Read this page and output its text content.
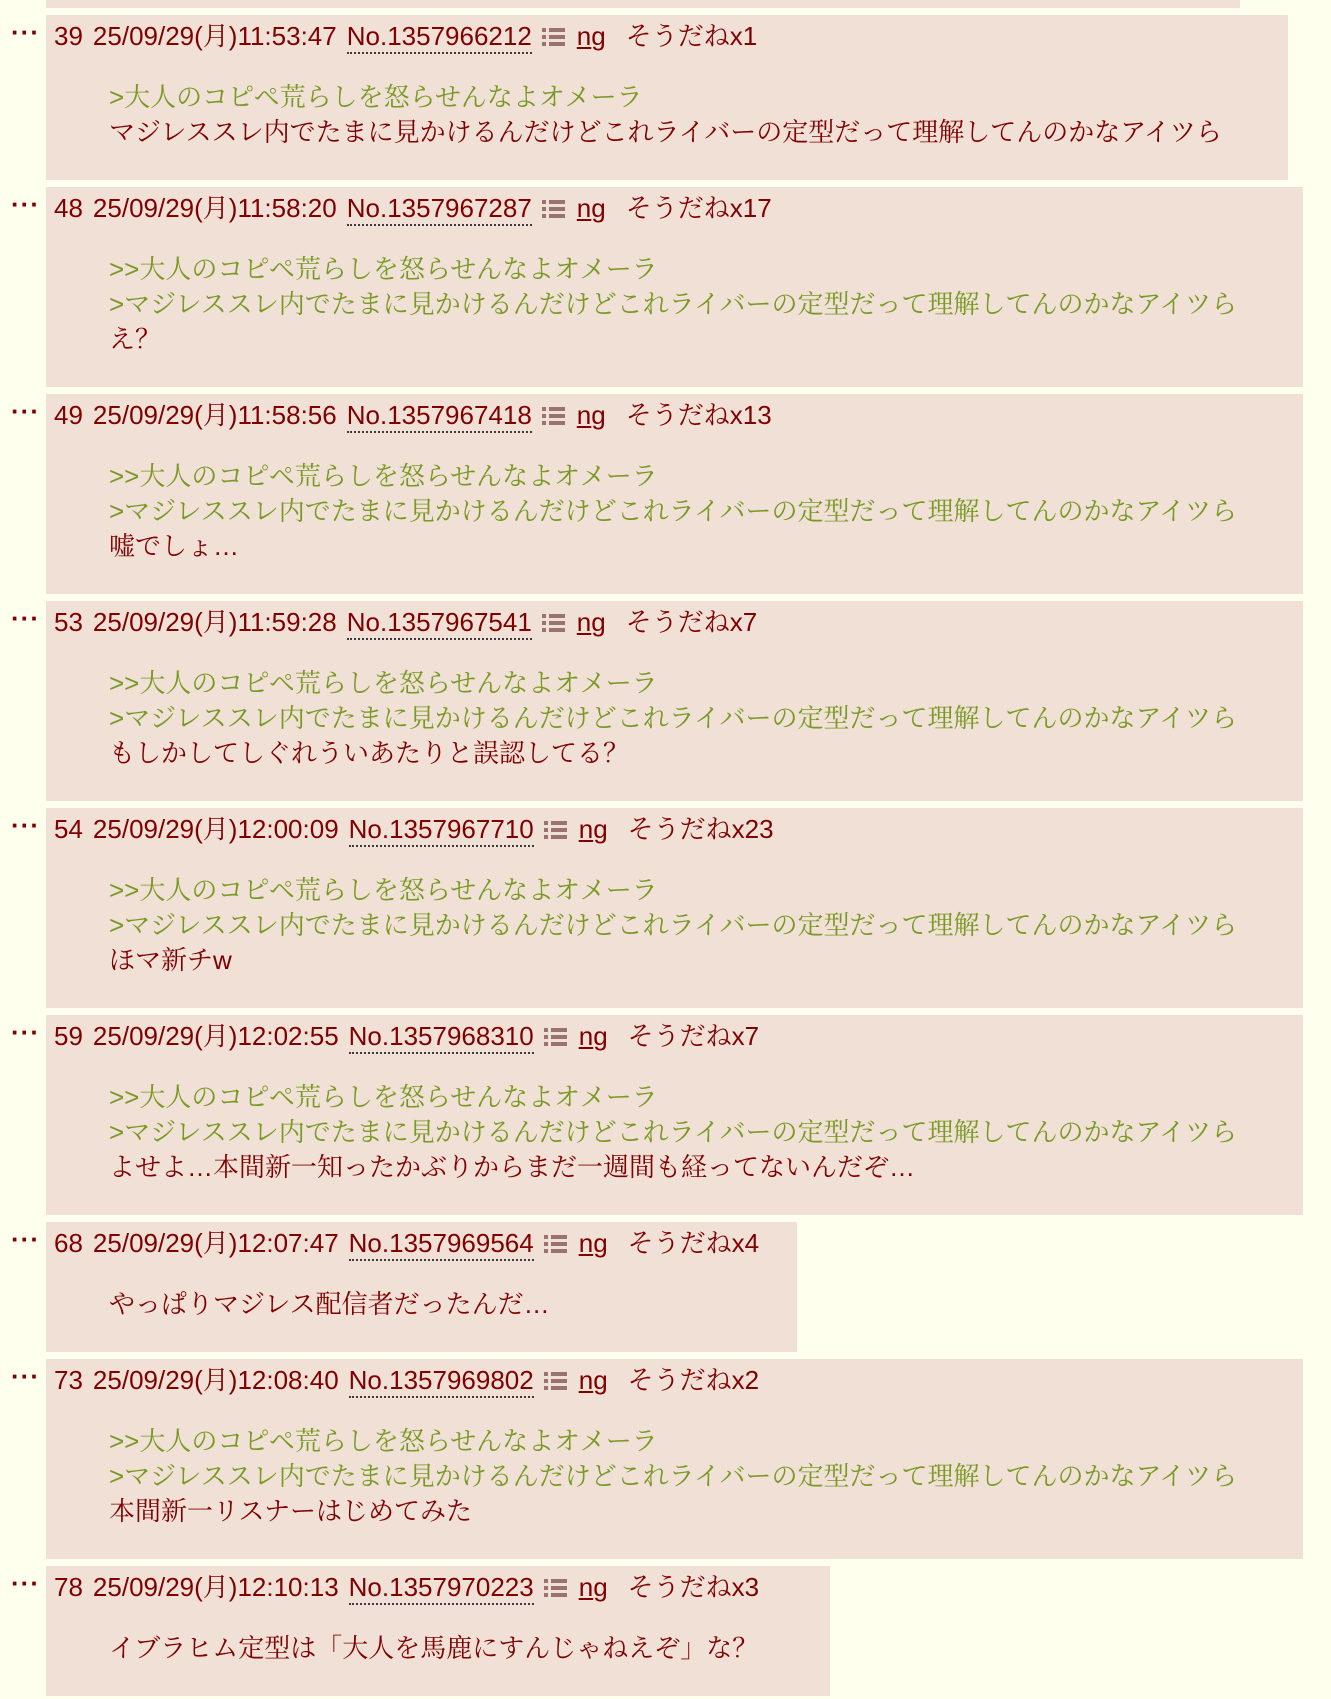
··· 39 25/09/29(月)11:53:47 No.1357966212 ng そうだねx1
>大人のコピペ荒らしを怒らせんなよオメーラ
マジレススレ内でたまに見かけるんだけどこれライバーの定型だって理解してんのかなアイツら
··· 48 25/09/29(月)11:58:20 No.1357967287 ng そうだねx17
>>大人のコピペ荒らしを怒らせんなよオメーラ
>マジレススレ内でたまに見かけるんだけどこれライバーの定型だって理解してんのかなアイツら
え？
··· 49 25/09/29(月)11:58:56 No.1357967418 ng そうだねx13
>>大人のコピペ荒らしを怒らせんなよオメーラ
>マジレススレ内でたまに見かけるんだけどこれライバーの定型だって理解してんのかなアイツら
嘘でしょ…
··· 53 25/09/29(月)11:59:28 No.1357967541 ng そうだねx7
>>大人のコピペ荒らしを怒らせんなよオメーラ
>マジレススレ内でたまに見かけるんだけどこれライバーの定型だって理解してんのかなアイツら
もしかしてしぐれういあたりと誤認してる？
··· 54 25/09/29(月)12:00:09 No.1357967710 ng そうだねx23
>>大人のコピペ荒らしを怒らせんなよオメーラ
>マジレススレ内でたまに見かけるんだけどこれライバーの定型だって理解してんのかなアイツら
ほマ新チw
··· 59 25/09/29(月)12:02:55 No.1357968310 ng そうだねx7
>>大人のコピペ荒らしを怒らせんなよオメーラ
>マジレススレ内でたまに見かけるんだけどこれライバーの定型だって理解してんのかなアイツら
よせよ…本間新一知ったかぶりからまだ一週間も経ってないんだぞ…
··· 68 25/09/29(月)12:07:47 No.1357969564 ng そうだねx4
やっぱりマジレス配信者だったんだ…
··· 73 25/09/29(月)12:08:40 No.1357969802 ng そうだねx2
>>大人のコピペ荒らしを怒らせんなよオメーラ
>マジレススレ内でたまに見かけるんだけどこれライバーの定型だって理解してんのかなアイツら
本間新一リスナーはじめてみた
··· 78 25/09/29(月)12:10:13 No.1357970223 ng そうだねx3
イブラヒム定型は「大人を馬鹿にすんじゃねえぞ」な？
